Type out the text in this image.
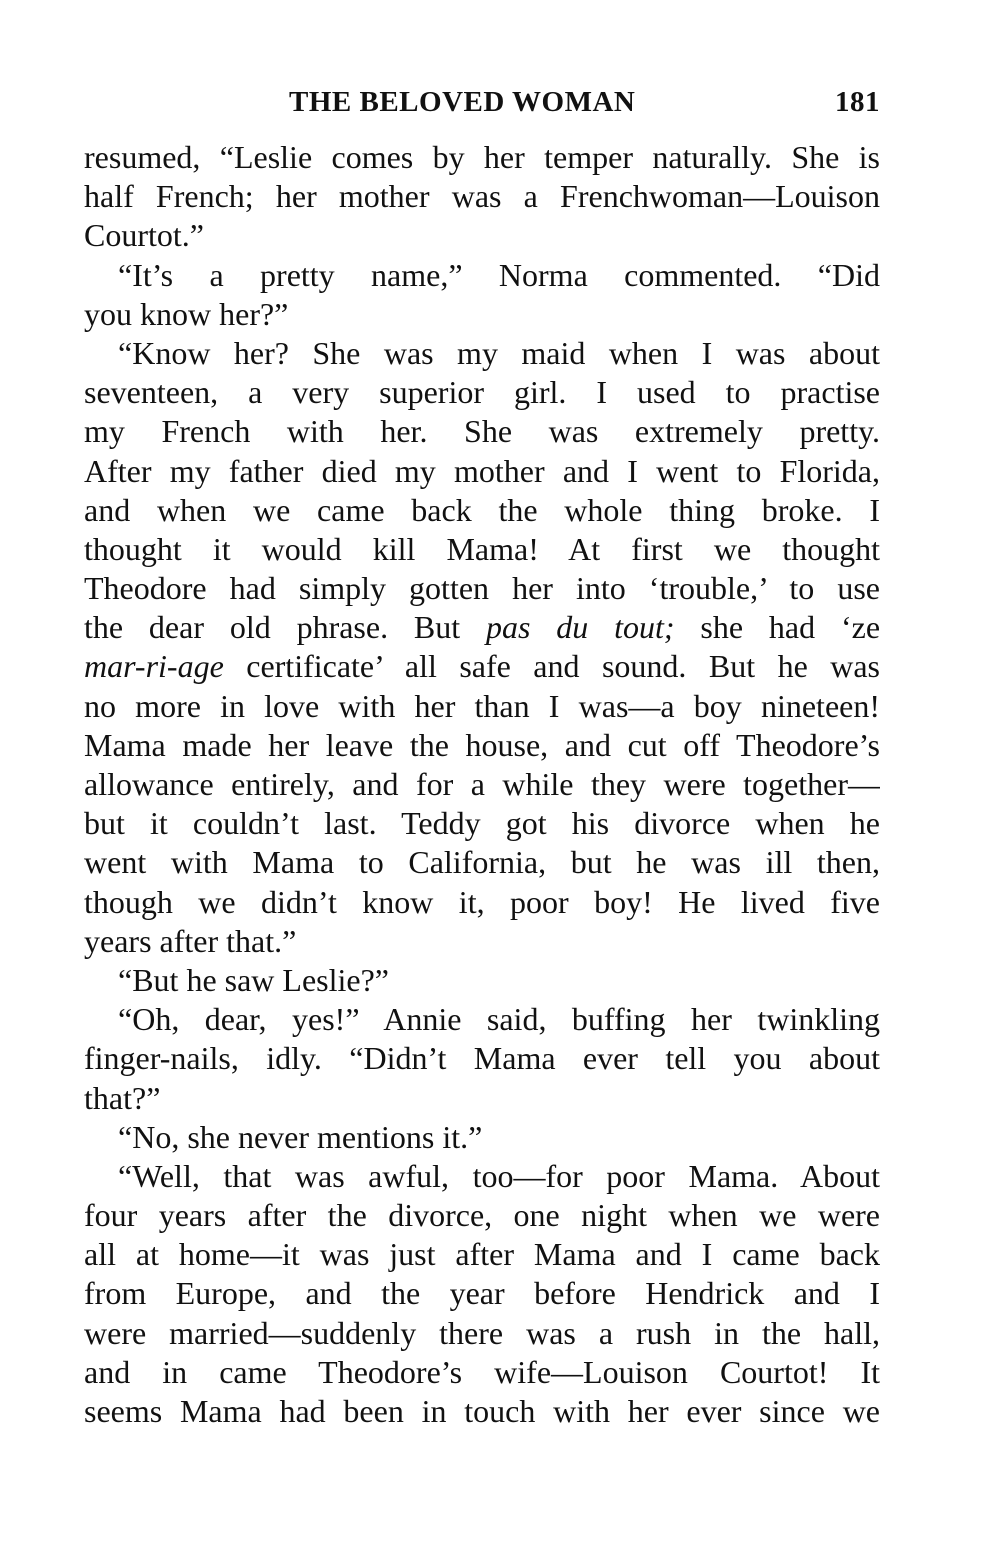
THE BELOVED WOMAN	181
resumed, “Leslie comes by her temper naturally. She is
half French; her mother was a Frenchwoman—Louison
Courtot.”
“It’s a pretty name,” Norma commented. “Did
you know her?”
“Know her? She was my maid when I was about
seventeen, a very superior girl. I used to practise
my French with her. She was extremely pretty.
After my father died my mother and I went to Florida,
and when we came back the whole thing broke. I
thought it would kill Mama! At first we thought
Theodore had simply gotten her into ‘trouble,’ to use
the dear old phrase. But pas du tout; she had ‘ze
mar-ri-age certificate’ all safe and sound. But he was
no more in love with her than I was—a boy nineteen!
Mama made her leave the house, and cut off Theodore’s
allowance entirely, and for a while they were together—
but it couldn’t last. Teddy got his divorce when he
went with Mama to California, but he was ill then,
though we didn’t know it, poor boy! He lived five
years after that.”
“But he saw Leslie?”
“Oh, dear, yes!” Annie said, buffing her twinkling
finger-nails, idly. “Didn’t Mama ever tell you about
that?”
“No, she never mentions it.”
“Well, that was awful, too—for poor Mama. About
four years after the divorce, one night when we were
all at home—it was just after Mama and I came back
from Europe, and the year before Hendrick and I
were married—suddenly there was a rush in the hall,
and in came Theodore’s wife—Louison Courtot! It
seems Mama had been in touch with her ever since we
